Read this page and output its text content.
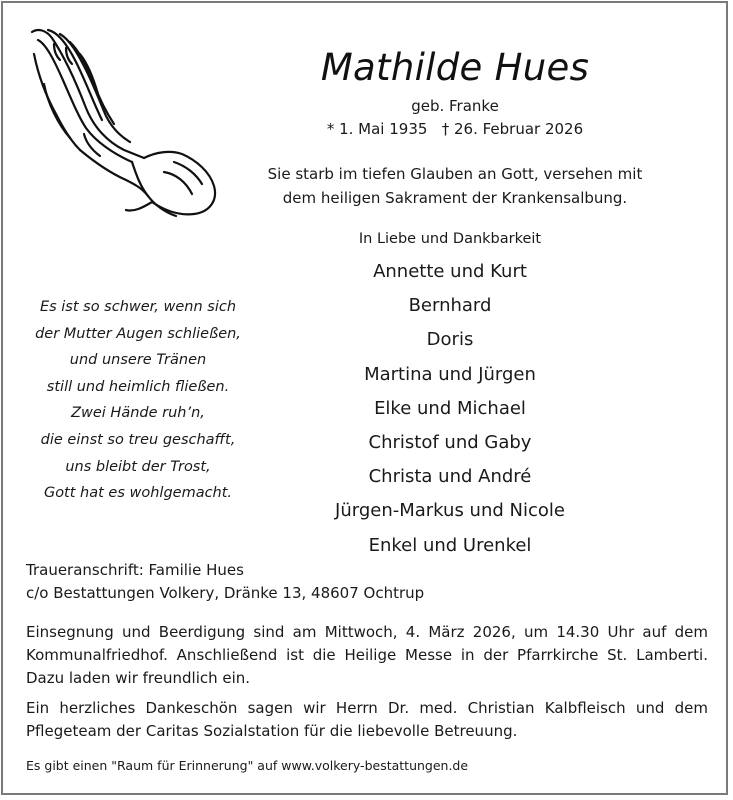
Mathilde Hues
geb. Franke
* 1. Mai 1935   † 26. Februar 2026
Sie starb im tiefen Glauben an Gott, versehen mit
dem heiligen Sakrament der Krankensalbung.
In Liebe und Dankbarkeit
Annette und Kurt
Bernhard
Doris
Martina und Jürgen
Elke und Michael
Christof und Gaby
Christa und André
Jürgen-Markus und Nicole
Enkel und Urenkel
Es ist so schwer, wenn sich
der Mutter Augen schließen,
und unsere Tränen
still und heimlich fließen.
Zwei Hände ruh’n,
die einst so treu geschafft,
uns bleibt der Trost,
Gott hat es wohlgemacht.
Traueranschrift: Familie Hues
c/o Bestattungen Volkery, Dränke 13, 48607 Ochtrup
Einsegnung und Beerdigung sind am Mittwoch, 4. März 2026, um 14.30 Uhr auf dem
Kommunalfriedhof. Anschließend ist die Heilige Messe in der Pfarrkirche St. Lamberti.
Dazu laden wir freundlich ein.
Ein herzliches Dankeschön sagen wir Herrn Dr. med. Christian Kalbfleisch und dem
Pflegeteam der Caritas Sozialstation für die liebevolle Betreuung.
Es gibt einen "Raum für Erinnerung" auf www.volkery-bestattungen.de
